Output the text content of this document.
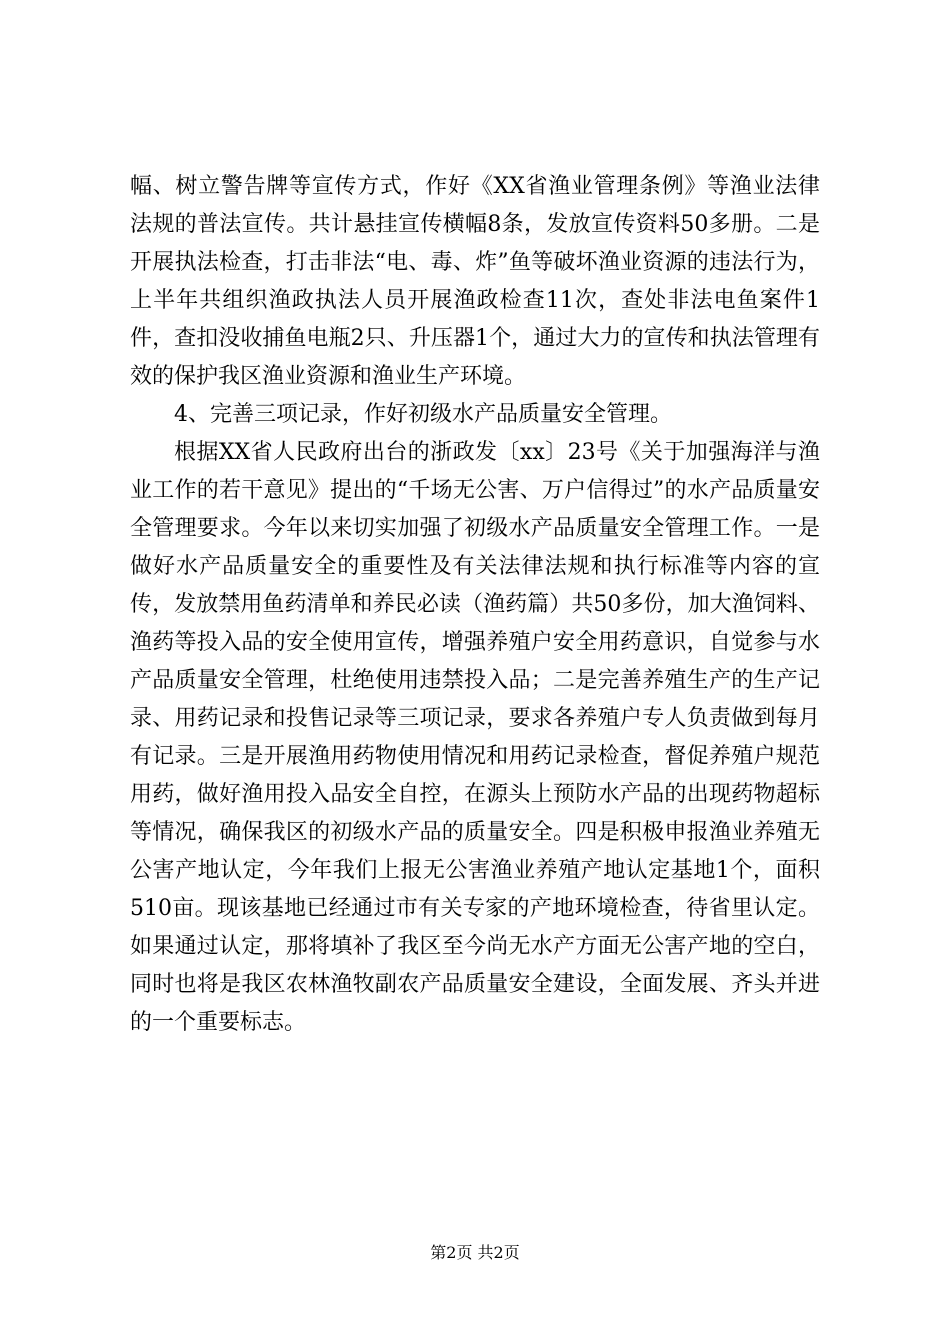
幅、树立警告牌等宣传方式，作好《XX省渔业管理条例》等渔业法律法规的普法宣传。共计悬挂宣传横幅8条，发放宣传资料50多册。二是开展执法检查，打击非法“电、毒、炸”鱼等破坏渔业资源的违法行为，上半年共组织渔政执法人员开展渔政检查11次，查处非法电鱼案件1件，查扣没收捕鱼电瓶2只、升压器1个，通过大力的宣传和执法管理有效的保护我区渔业资源和渔业生产环境。

4、完善三项记录，作好初级水产品质量安全管理。

根据XX省人民政府出台的浙政发〔xx〕23号《关于加强海洋与渔业工作的若干意见》提出的“千场无公害、万户信得过”的水产品质量安全管理要求。今年以来切实加强了初级水产品质量安全管理工作。一是做好水产品质量安全的重要性及有关法律法规和执行标准等内容的宣传，发放禁用鱼药清单和养民必读（渔药篇）共50多份，加大渔饲料、渔药等投入品的安全使用宣传，增强养殖户安全用药意识，自觉参与水产品质量安全管理，杜绝使用违禁投入品；二是完善养殖生产的生产记录、用药记录和投售记录等三项记录，要求各养殖户专人负责做到每月有记录。三是开展渔用药物使用情况和用药记录检查，督促养殖户规范用药，做好渔用投入品安全自控，在源头上预防水产品的出现药物超标等情况，确保我区的初级水产品的质量安全。四是积极申报渔业养殖无公害产地认定，今年我们上报无公害渔业养殖产地认定基地1个，面积510亩。现该基地已经通过市有关专家的产地环境检查，待省里认定。如果通过认定，那将填补了我区至今尚无水产方面无公害产地的空白，同时也将是我区农林渔牧副农产品质量安全建设，全面发展、齐头并进的一个重要标志。

第2页 共2页
